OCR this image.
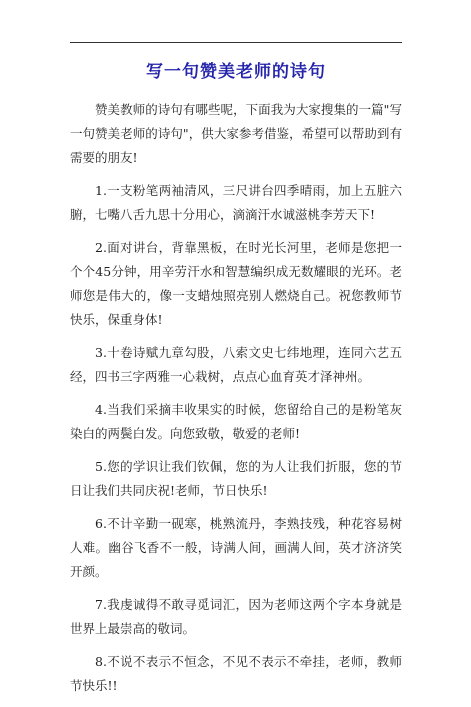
写一句赞美老师的诗句

赞美教师的诗句有哪些呢，下面我为大家搜集的一篇"写一句赞美老师的诗句"，供大家参考借鉴，希望可以帮助到有需要的朋友!

1.一支粉笔两袖清风，三尺讲台四季晴雨，加上五脏六腑，七嘴八舌九思十分用心，滴滴汗水诚滋桃李芳天下!

2.面对讲台，背靠黑板，在时光长河里，老师是您把一个个45分钟，用辛劳汗水和智慧编织成无数耀眼的光环。老师您是伟大的，像一支蜡烛照亮别人燃烧自己。祝您教师节快乐，保重身体!

3.十卷诗赋九章勾股，八索文史七纬地理，连同六艺五经，四书三字两雅一心栽树，点点心血育英才泽神州。

4.当我们采摘丰收果实的时候，您留给自己的是粉笔灰染白的两鬓白发。向您致敬，敬爱的老师!

5.您的学识让我们钦佩，您的为人让我们折服，您的节日让我们共同庆祝!老师，节日快乐!

6.不计辛勤一砚寒，桃熟流丹，李熟技残，种花容易树人难。幽谷飞香不一般，诗满人间，画满人间，英才济济笑开颜。

7.我虔诚得不敢寻觅词汇，因为老师这两个字本身就是世界上最崇高的敬词。

8.不说不表示不恒念，不见不表示不牵挂，老师，教师节快乐!!
